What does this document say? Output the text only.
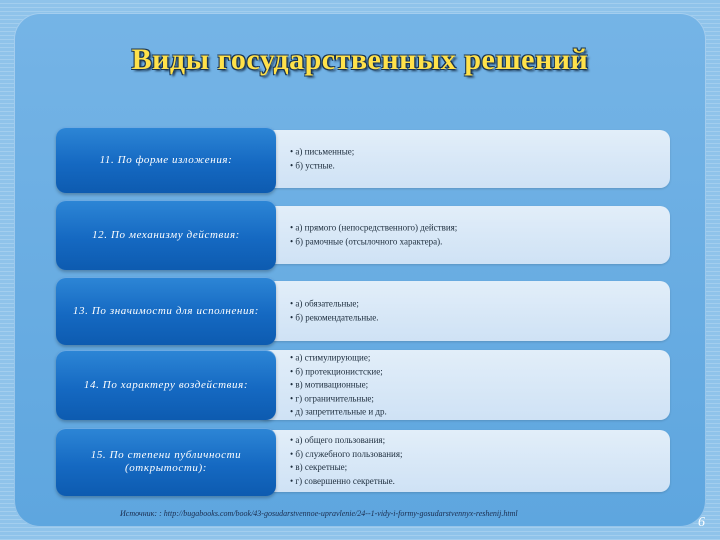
Виды государственных решений
11. По форме изложения:
• а) письменные;
• б) устные.
12. По механизму действия:
• а) прямого (непосредственного) действия;
• б) рамочные (отсылочного характера).
13. По значимости для исполнения:
• а) обязательные;
• б) рекомендательные.
14. По характеру воздействия:
• а) стимулирующие;
• б) протекционистские;
• в) мотивационные;
• г) ограничительные;
• д) запретительные и др.
15. По степени публичности (открытости):
• а) общего пользования;
• б) служебного пользования;
• в) секретные;
• г) совершенно секретные.
Источник: : http://bugabooks.com/book/43-gosudarstvennoe-upravlenie/24--1-vidy-i-formy-gosudarstvennyx-reshenij.html
6
